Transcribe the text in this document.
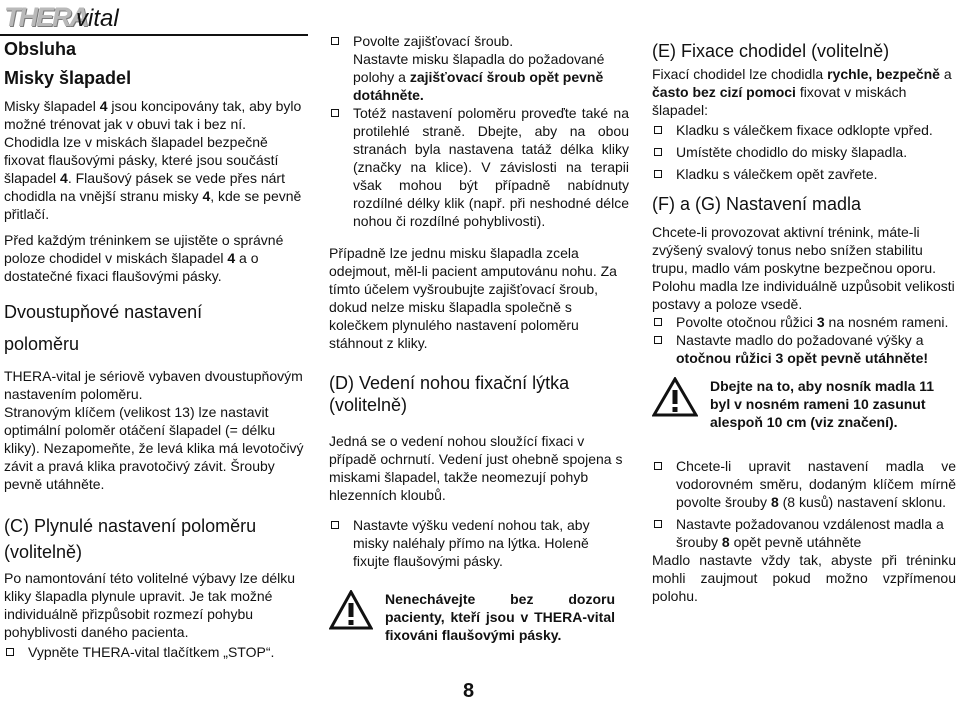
THERA
vital

Obsluha

Misky šlapadel

Misky šlapadel 4 jsou koncipovány tak, aby bylo možné trénovat jak v obuvi tak i bez ní.

Chodidla lze v miskách šlapadel bezpečně fixovat flaušovými pásky, které jsou součástí šlapadel 4. Flaušový pásek se vede přes nárt chodidla na vnější stranu misky 4, kde se pevně přitlačí.

Před každým tréninkem se ujistěte o správné poloze chodidel v miskách šlapadel 4 a o dostatečné fixaci flaušovými pásky.

Dvoustupňové nastavení
poloměru

THERA-vital je sériově vybaven dvoustupňovým nastavením poloměru.

Stranovým klíčem (velikost 13) lze nastavit optimální poloměr otáčení šlapadel (= délku kliky). Nezapomeňte, že levá klika má levotočivý závit a pravá klika pravotočivý závit. Šrouby pevně utáhněte.

(C) Plynulé nastavení poloměru (volitelně)

Po namontování této volitelné výbavy lze délku kliky šlapadla plynule upravit. Je tak možné individuálně přizpůsobit rozmezí pohybu pohyblivosti daného pacienta.

Vypněte THERA-vital tlačítkem „STOP“.
Povolte zajišťovací šroub.

Nastavte misku šlapadla do požadované polohy a zajišťovací šroub opět pevně dotáhněte.

Totéž nastavení poloměru proveďte také na protilehlé straně. Dbejte, aby na obou stranách byla nastavena tatáž délka kliky (značky na klice). V závislosti na terapii však mohou být případně nabídnuty rozdílné délky klik (např. při neshodné délce nohou či rozdílné pohyblivosti).

Případně lze jednu misku šlapadla zcela odejmout, měl-li pacient amputovánu nohu. Za tímto účelem vyšroubujte zajišťovací šroub, dokud nelze misku šlapadla společně s kolečkem plynulého nastavení poloměru stáhnout z kliky.

(D) Vedení nohou fixační lýtka (volitelně)

Jedná se o vedení nohou sloužící fixaci v případě ochrnutí. Vedení just ohebně spojena s miskami šlapadel, takže neomezují pohyb hlezenních kloubů.

Nastavte výšku vedení nohou tak, aby misky naléhaly přímo na lýtka. Holeně fixujte flaušovými pásky.

Nenechávejte bez dozoru pacienty, kteří jsou v THERA-vital fixováni flaušovými pásky.

(E) Fixace chodidel (volitelně)

Fixací chodidel lze chodidla rychle, bezpečně a často bez cizí pomoci fixovat v miskách šlapadel:

Kladku s válečkem fixace odklopte vpřed.
Umístěte chodidlo do misky šlapadla.
Kladku s válečkem opět zavřete.

(F) a (G) Nastavení madla

Chcete-li provozovat aktivní trénink, máte-li zvýšený svalový tonus nebo snížen stabilitu trupu, madlo vám poskytne bezpečnou oporu. Polohu madla lze individuálně uzpůsobit velikosti postavy a poloze vsedě.

Povolte otočnou růžici 3 na nosném rameni.
Nastavte madlo do požadované výšky a otočnou růžici 3 opět pevně utáhněte!

Dbejte na to, aby nosník madla 11 byl v nosném rameni 10 zasunut alespoň 10 cm (viz značení).

Chcete-li upravit nastavení madla ve vodorovném směru, dodaným klíčem mírně povolte šrouby 8 (8 kusů) nastavení sklonu.
Nastavte požadovanou vzdálenost madla a šrouby 8 opět pevně utáhněte

Madlo nastavte vždy tak, abyste při tréninku mohli zaujmout pokud možno vzpřímenou polohu.

8
